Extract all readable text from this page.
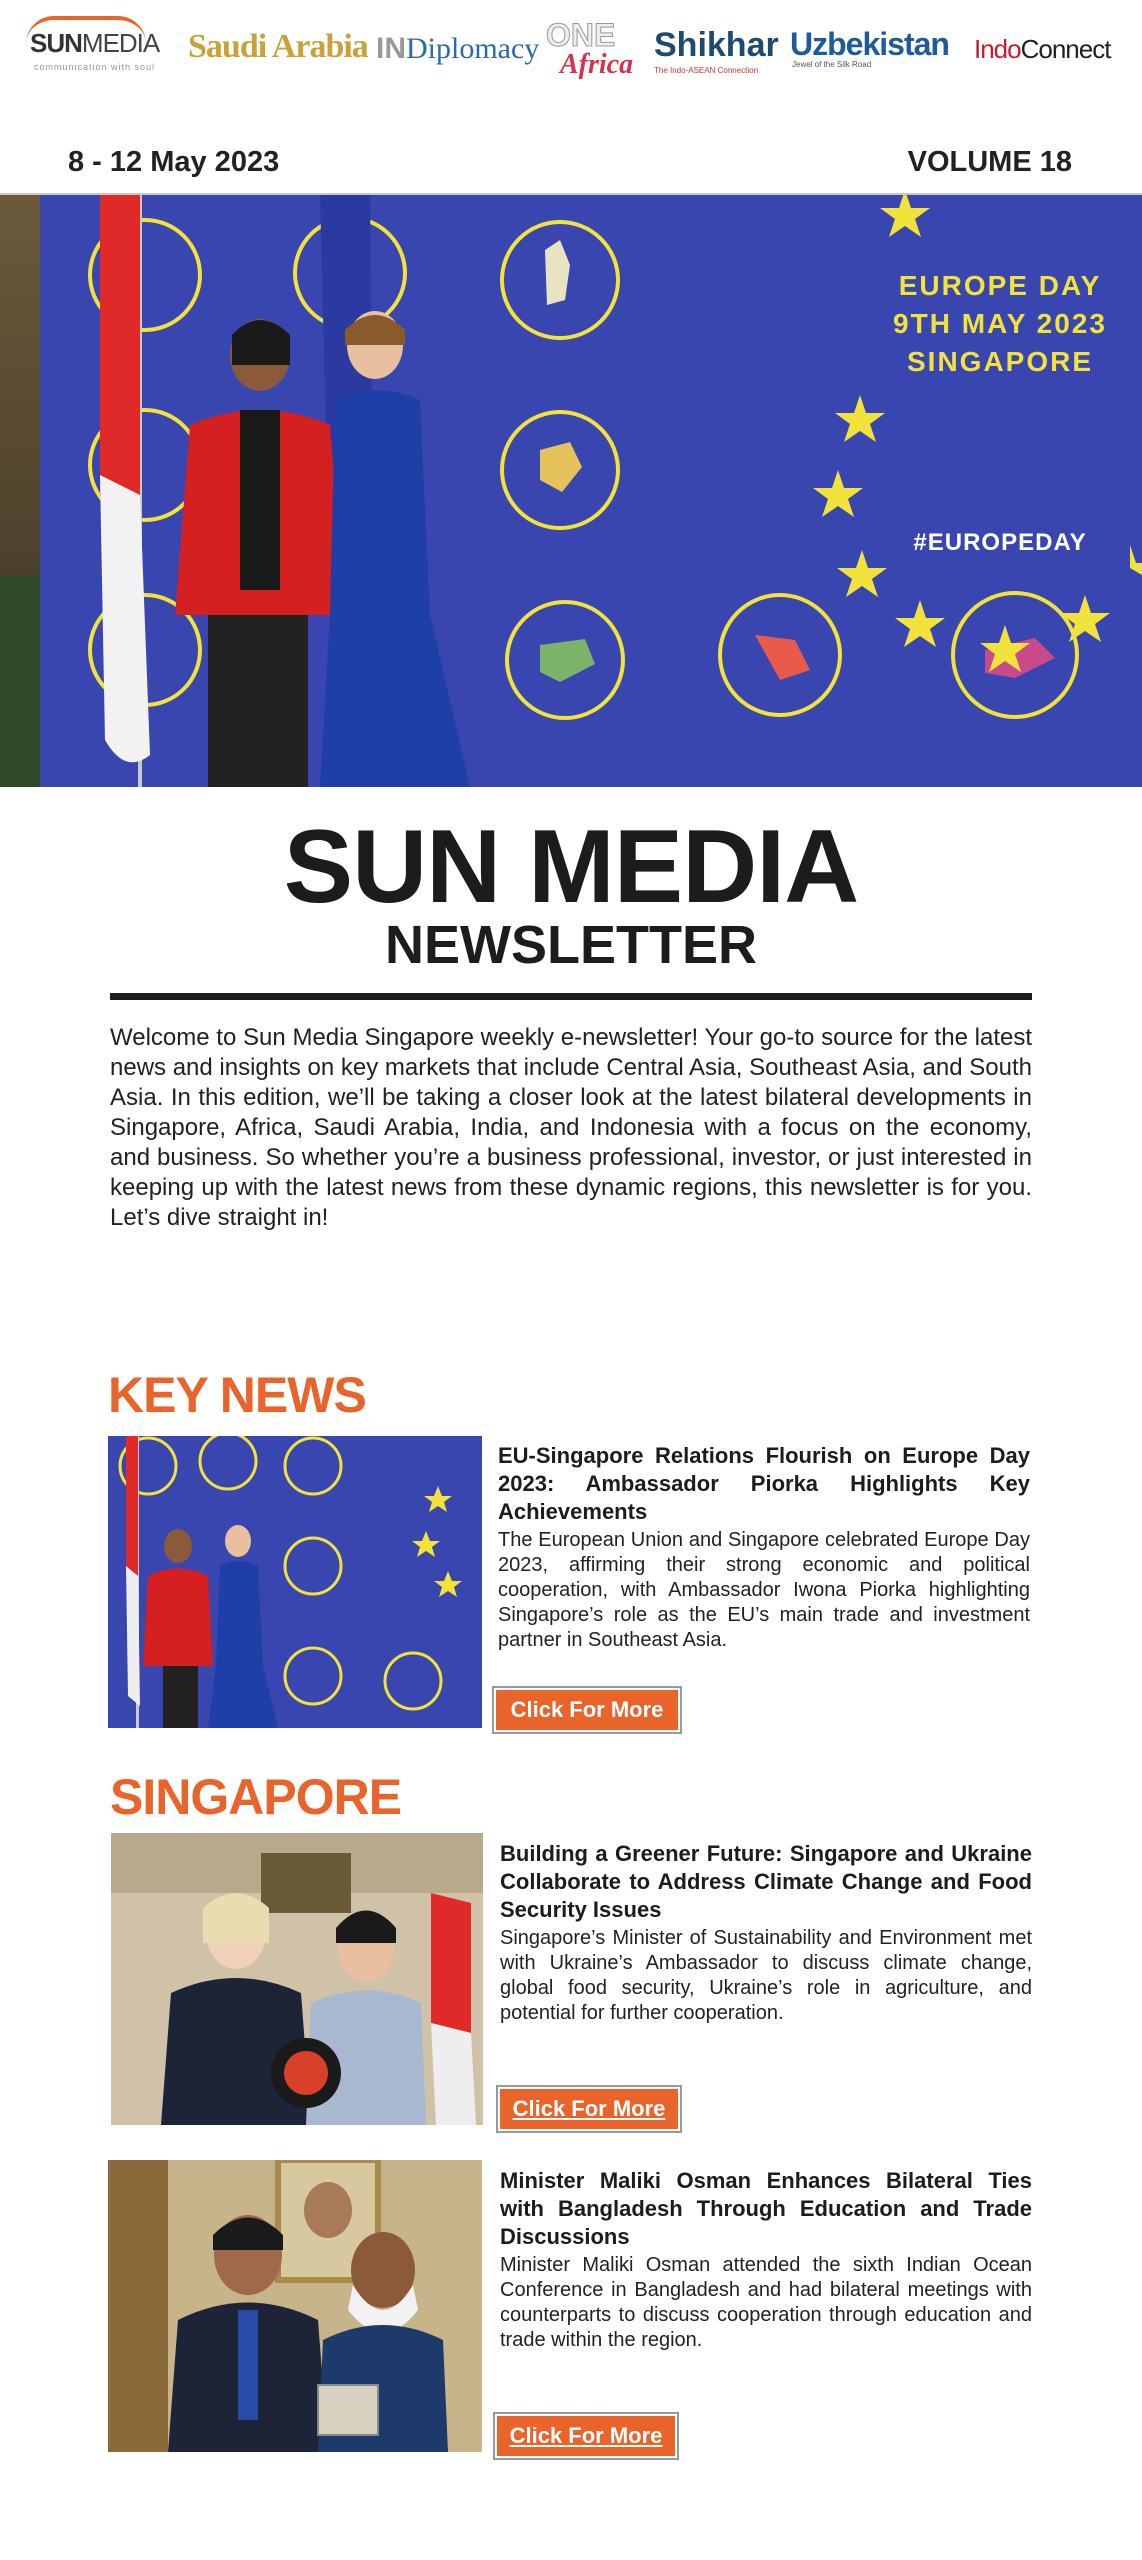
SUNMEDIA
communication with soul
Saudi Arabia INDiplomacy ONE
Africa
Shikhar
The Indo-ASEAN Connection
Uzbekistan
Jewel of the Silk Road
IndoConnect
8 - 12 May 2023	VOLUME 18
EUROPE DAY
9TH MAY 2023
SINGAPORE
#EUROPEDAY
SUN MEDIA
NEWSLETTER

Welcome to Sun Media Singapore weekly e-newsletter! Your go-to source for the latest news and insights on key markets that include Central Asia, Southeast Asia, and South Asia. In this edition, we’ll be taking a closer look at the latest bilateral developments in Singapore, Africa, Saudi Arabia, India, and Indonesia with a focus on the economy, and business. So whether you’re a business professional, investor, or just interested in keeping up with the latest news from these dynamic regions, this newsletter is for you. Let’s dive straight in!

KEY NEWS

EU-Singapore Relations Flourish on Europe Day 2023: Ambassador Piorka Highlights Key Achievements

The European Union and Singapore celebrated Europe Day 2023, affirming their strong economic and political cooperation, with Ambassador Iwona Piorka highlighting Singapore’s role as the EU’s main trade and investment partner in Southeast Asia.

Click For More
SINGAPORE

Building a Greener Future: Singapore and Ukraine Collaborate to Address Climate Change and Food Security Issues

Singapore’s Minister of Sustainability and Environment met with Ukraine’s Ambassador to discuss climate change, global food security, Ukraine’s role in agriculture, and potential for further cooperation.

Click For More

Minister Maliki Osman Enhances Bilateral Ties with Bangladesh Through Education and Trade Discussions

Minister Maliki Osman attended the sixth Indian Ocean Conference in Bangladesh and had bilateral meetings with counterparts to discuss cooperation through education and trade within the region.

Click For More
